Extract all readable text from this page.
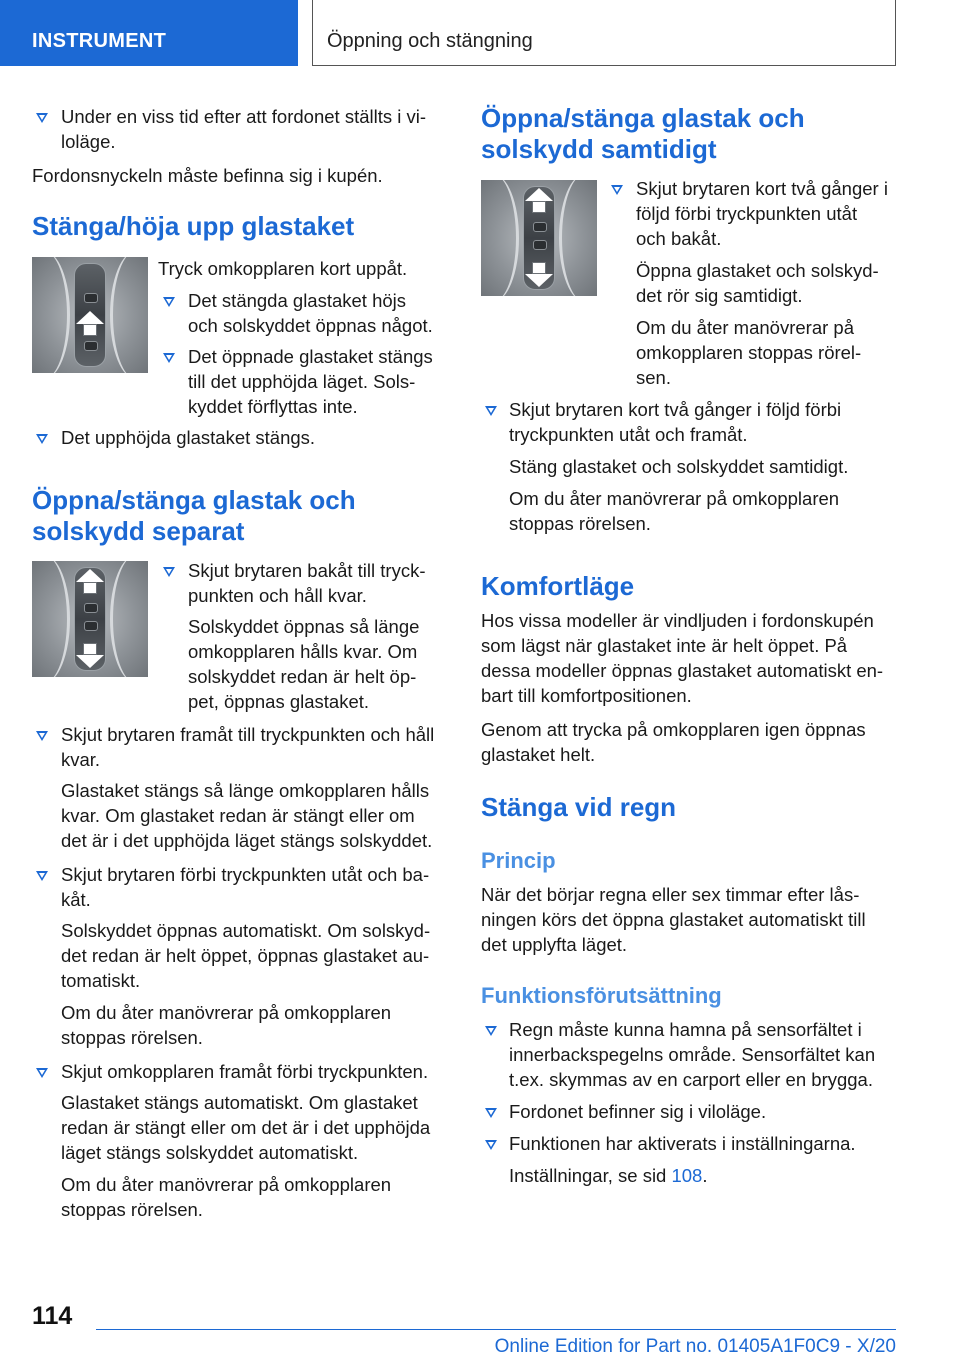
INSTRUMENT	Öppning och stängning
Under en viss tid efter att fordonet ställts i vi-
loläge.
Fordonsnyckeln måste befinna sig i kupén.
Stänga/höja upp glastaket
Tryck omkopplaren kort uppåt.
Det stängda glastaket höjs
och solskyddet öppnas något.
Det öppnade glastaket stängs
till det upphöjda läget. Sols-
kyddet förflyttas inte.
Det upphöjda glastaket stängs.
Öppna/stänga glastak och
solskydd separat
Skjut brytaren bakåt till tryck-
punkten och håll kvar.
Solskyddet öppnas så länge
omkopplaren hålls kvar. Om
solskyddet redan är helt öp-
pet, öppnas glastaket.
Skjut brytaren framåt till tryckpunkten och håll
kvar.
Glastaket stängs så länge omkopplaren hålls
kvar. Om glastaket redan är stängt eller om
det är i det upphöjda läget stängs solskyddet.
Skjut brytaren förbi tryckpunkten utåt och ba-
kåt.
Solskyddet öppnas automatiskt. Om solskyd-
det redan är helt öppet, öppnas glastaket au-
tomatiskt.
Om du åter manövrerar på omkopplaren
stoppas rörelsen.
Skjut omkopplaren framåt förbi tryckpunkten.
Glastaket stängs automatiskt. Om glastaket
redan är stängt eller om det är i det upphöjda
läget stängs solskyddet automatiskt.
Om du åter manövrerar på omkopplaren
stoppas rörelsen.
Öppna/stänga glastak och
solskydd samtidigt
Skjut brytaren kort två gånger i
följd förbi tryckpunkten utåt
och bakåt.
Öppna glastaket och solskyd-
det rör sig samtidigt.
Om du åter manövrerar på
omkopplaren stoppas rörel-
sen.
Skjut brytaren kort två gånger i följd förbi
tryckpunkten utåt och framåt.
Stäng glastaket och solskyddet samtidigt.
Om du åter manövrerar på omkopplaren
stoppas rörelsen.
Komfortläge
Hos vissa modeller är vindljuden i fordonskupén
som lägst när glastaket inte är helt öppet. På
dessa modeller öppnas glastaket automatiskt en-
bart till komfortpositionen.
Genom att trycka på omkopplaren igen öppnas
glastaket helt.
Stänga vid regn
Princip
När det börjar regna eller sex timmar efter lås-
ningen körs det öppna glastaket automatiskt till
det upplyfta läget.
Funktionsförutsättning
Regn måste kunna hamna på sensorfältet i
innerbackspegelns område. Sensorfältet kan
t.ex. skymmas av en carport eller en brygga.
Fordonet befinner sig i viloläge.
Funktionen har aktiverats i inställningarna.
Inställningar, se sid 108.
114
Online Edition for Part no. 01405A1F0C9 - X/20
